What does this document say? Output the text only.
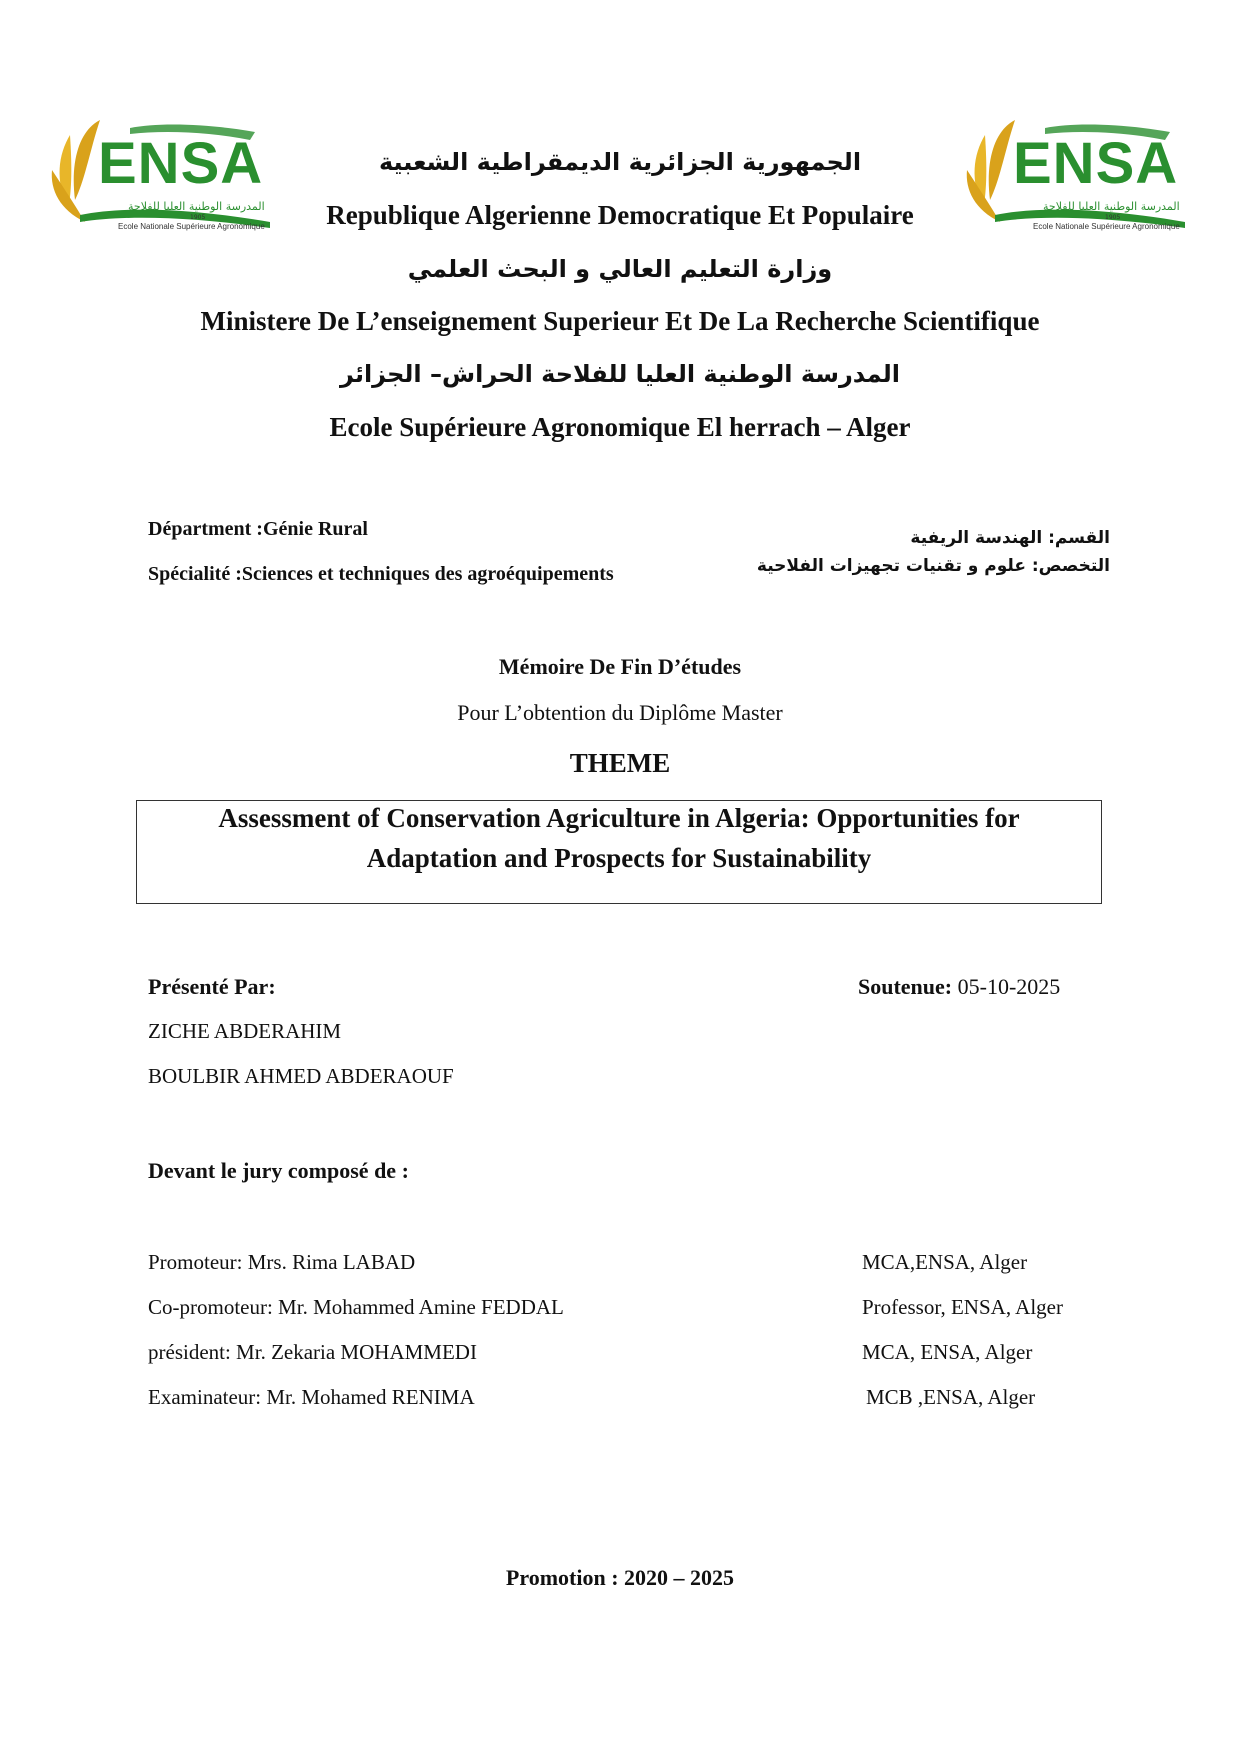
ENSA
المدرسة الوطنية العليا للفلاحة
1905
Ecole Nationale Supérieure Agronomique
ENSA
المدرسة الوطنية العليا للفلاحة
1905
Ecole Nationale Supérieure Agronomique
الجمهورية الجزائرية الديمقراطية الشعبية
Republique Algerienne Democratique Et Populaire
وزارة التعليم العالي و البحث العلمي
Ministere De L’enseignement Superieur Et De La Recherche Scientifique
المدرسة الوطنية العليا للفلاحة الحراش– الجزائر
Ecole Supérieure Agronomique El herrach – Alger
Départment :Génie Rural
Spécialité :Sciences et techniques des agroéquipements
القسم: الهندسة الريفية
التخصص: علوم و تقنيات تجهيزات الفلاحية
Mémoire De Fin D’études
Pour L’obtention du Diplôme Master
THEME
Assessment of Conservation Agriculture in Algeria: Opportunities for
Adaptation and Prospects for Sustainability
Présenté Par:
ZICHE ABDERAHIM
BOULBIR AHMED ABDERAOUF
Soutenue: 05-10-2025
Devant le jury composé de :
Promoteur: Mrs. Rima LABAD	MCA,ENSA, Alger
Co-promoteur: Mr. Mohammed Amine FEDDAL	Professor, ENSA, Alger
président: Mr. Zekaria MOHAMMEDI	MCA, ENSA, Alger
Examinateur: Mr. Mohamed RENIMA	MCB ,ENSA, Alger
Promotion : 2020 – 2025
